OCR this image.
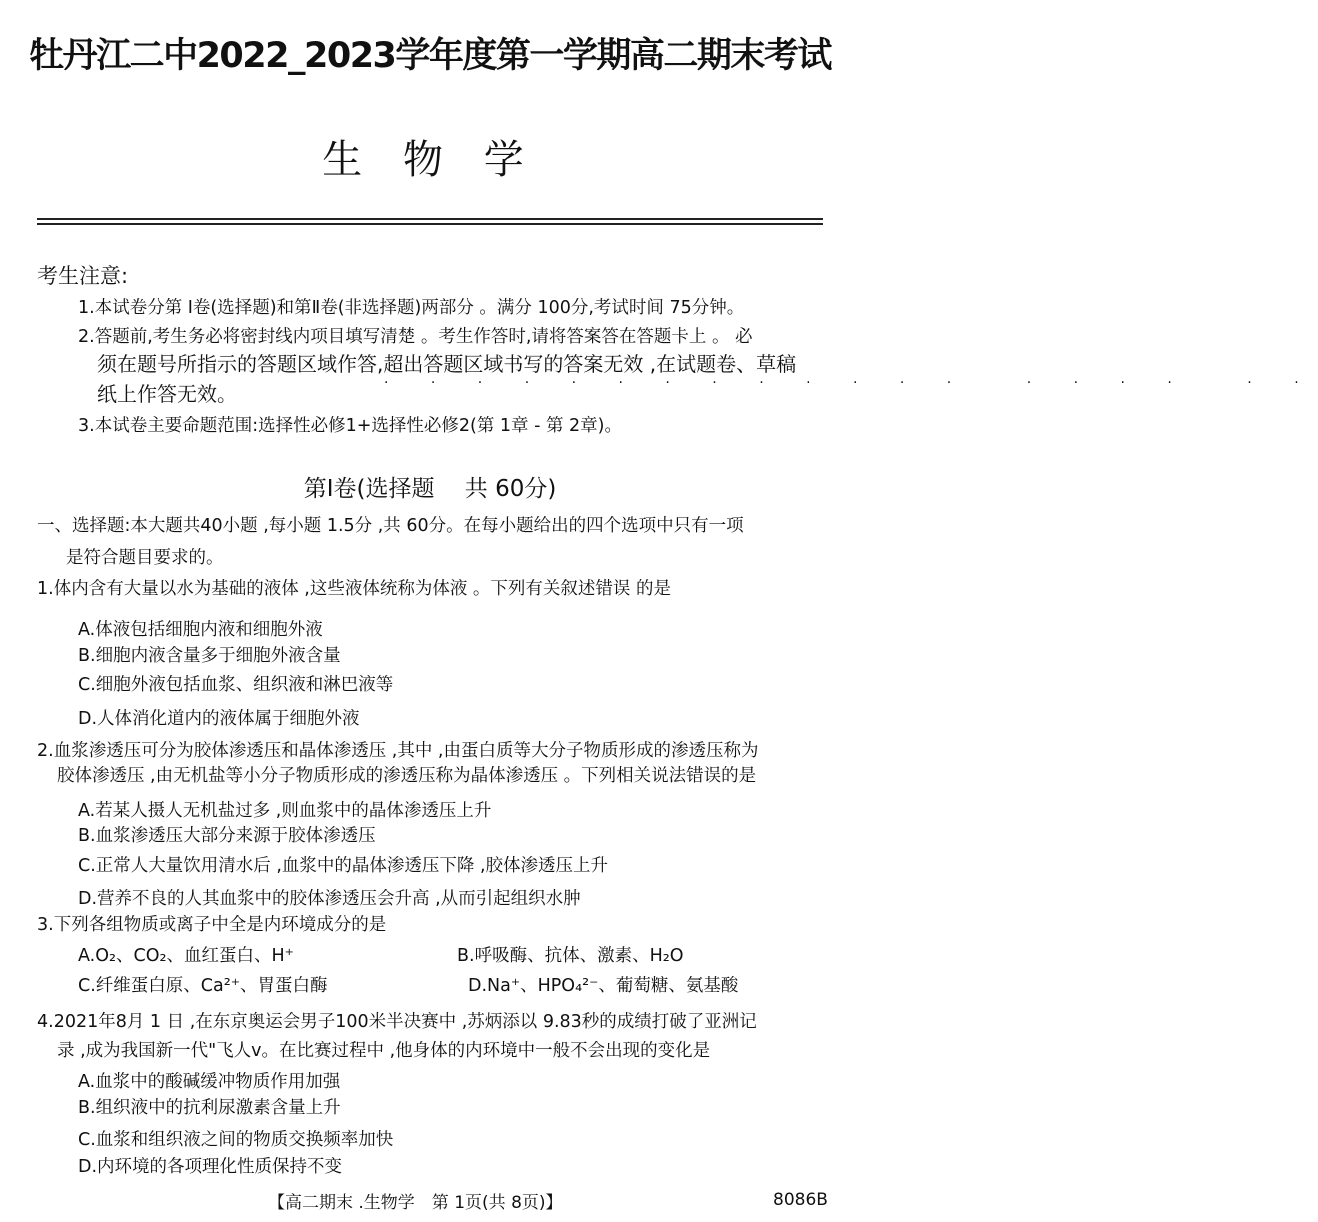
牡丹江二中2022_2023学年度第一学期高二期末考试
生 物 学
考生注意:
1.本试卷分第 Ⅰ卷(选择题)和第Ⅱ卷(非选择题)两部分 。满分 100分,考试时间 75分钟。
2.答题前,考生务必将密封线内项目填写清楚 。考生作答时,请将答案答在答题卡上 。 必
须在题号所指示的答题区域作答,超出答题区域书写的答案无效 ,在试题卷、草稿
纸上作答无效。	· · · · · · · · · · · · ·　 · · · ·　 · ·
3.本试卷主要命题范围:选择性必修1+选择性必修2(第 1章 - 第 2章)。
第Ⅰ卷(选择题　 共 60分)
一、选择题:本大题共40小题 ,每小题 1.5分 ,共 60分。在每小题给出的四个选项中只有一项
是符合题目要求的。
1.体内含有大量以水为基础的液体 ,这些液体统称为体液 。下列有关叙述错误 的是
A.体液包括细胞内液和细胞外液
B.细胞内液含量多于细胞外液含量
C.细胞外液包括血浆、组织液和淋巴液等
D.人体消化道内的液体属于细胞外液
2.血浆渗透压可分为胶体渗透压和晶体渗透压 ,其中 ,由蛋白质等大分子物质形成的渗透压称为
胶体渗透压 ,由无机盐等小分子物质形成的渗透压称为晶体渗透压 。下列相关说法错误的是
A.若某人摄人无机盐过多 ,则血浆中的晶体渗透压上升
B.血浆渗透压大部分来源于胶体渗透压
C.正常人大量饮用清水后 ,血浆中的晶体渗透压下降 ,胶体渗透压上升
D.营养不良的人其血浆中的胶体渗透压会升高 ,从而引起组织水肿
3.下列各组物质或离子中全是内环境成分的是
A.O₂、CO₂、血红蛋白、H⁺	B.呼吸酶、抗体、激素、H₂O
C.纤维蛋白原、Ca²⁺、胃蛋白酶	D.Na⁺、HPO₄²⁻、葡萄糖、氨基酸
4.2021年8月 1 日 ,在东京奥运会男子100米半决赛中 ,苏炳添以 9.83秒的成绩打破了亚洲记
录 ,成为我国新一代"飞人v。在比赛过程中 ,他身体的内环境中一般不会出现的变化是
A.血浆中的酸碱缓冲物质作用加强
B.组织液中的抗利尿激素含量上升
C.血浆和组织液之间的物质交换频率加快
D.内环境的各项理化性质保持不变
【高二期末 .生物学　第 1页(共 8页)】	8086B
